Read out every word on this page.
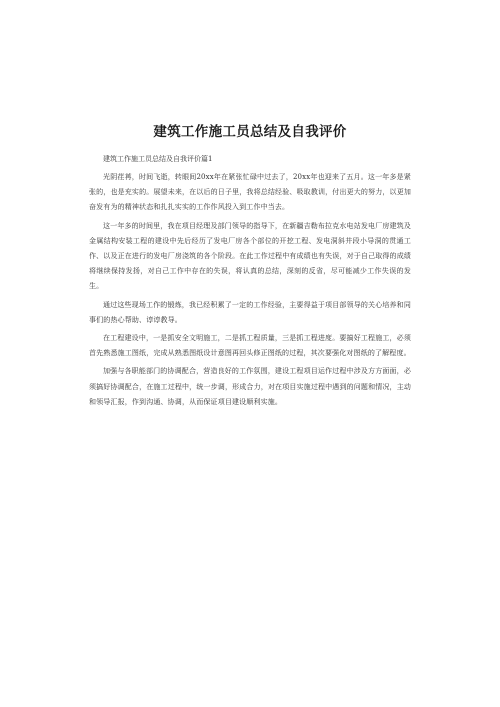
建筑工作施工员总结及自我评价

建筑工作施工员总结及自我评价篇1

光阴荏苒，时间飞逝，转眼间20xx年在紧张忙碌中过去了，20xx年也迎来了五月。这一年多是紧张的，也是充实的。展望未来，在以后的日子里，我将总结经验、吸取教训，付出更大的努力，以更加奋发有为的精神状态和扎扎实实的工作作风投入到工作中当去。

这一年多的时间里，我在项目经理及部门领导的指导下，在新疆吉勒布拉克水电站发电厂房建筑及金属结构安装工程的建设中先后经历了发电厂房各个部位的开挖工程、发电洞斜井段小导洞的贯通工作、以及正在进行的发电厂房浇筑的各个阶段。在此工作过程中有成绩也有失误，对于自己取得的成绩将继续保持发扬，对自己工作中存在的失误，将认真的总结，深刻的反省，尽可能减少工作失误的发生。

通过这些现场工作的锻炼，我已经积累了一定的工作经验，主要得益于项目部领导的关心培养和同事们的热心帮助、谆谆教导。

在工程建设中，一是抓安全文明施工，二是抓工程质量，三是抓工程进度。要搞好工程施工，必须首先熟悉施工图纸，完成从熟悉图纸设计意图再回头修正图纸的过程，其次要强化对图纸的了解程度。

加强与各职能部门的协调配合，营造良好的工作氛围，建设工程项目运作过程中涉及方方面面，必须搞好协调配合，在施工过程中，统一步调，形成合力，对在项目实施过程中遇到的问题和情况，主动和领导汇报，作到沟通、协调，从而保证项目建设顺利实施。
